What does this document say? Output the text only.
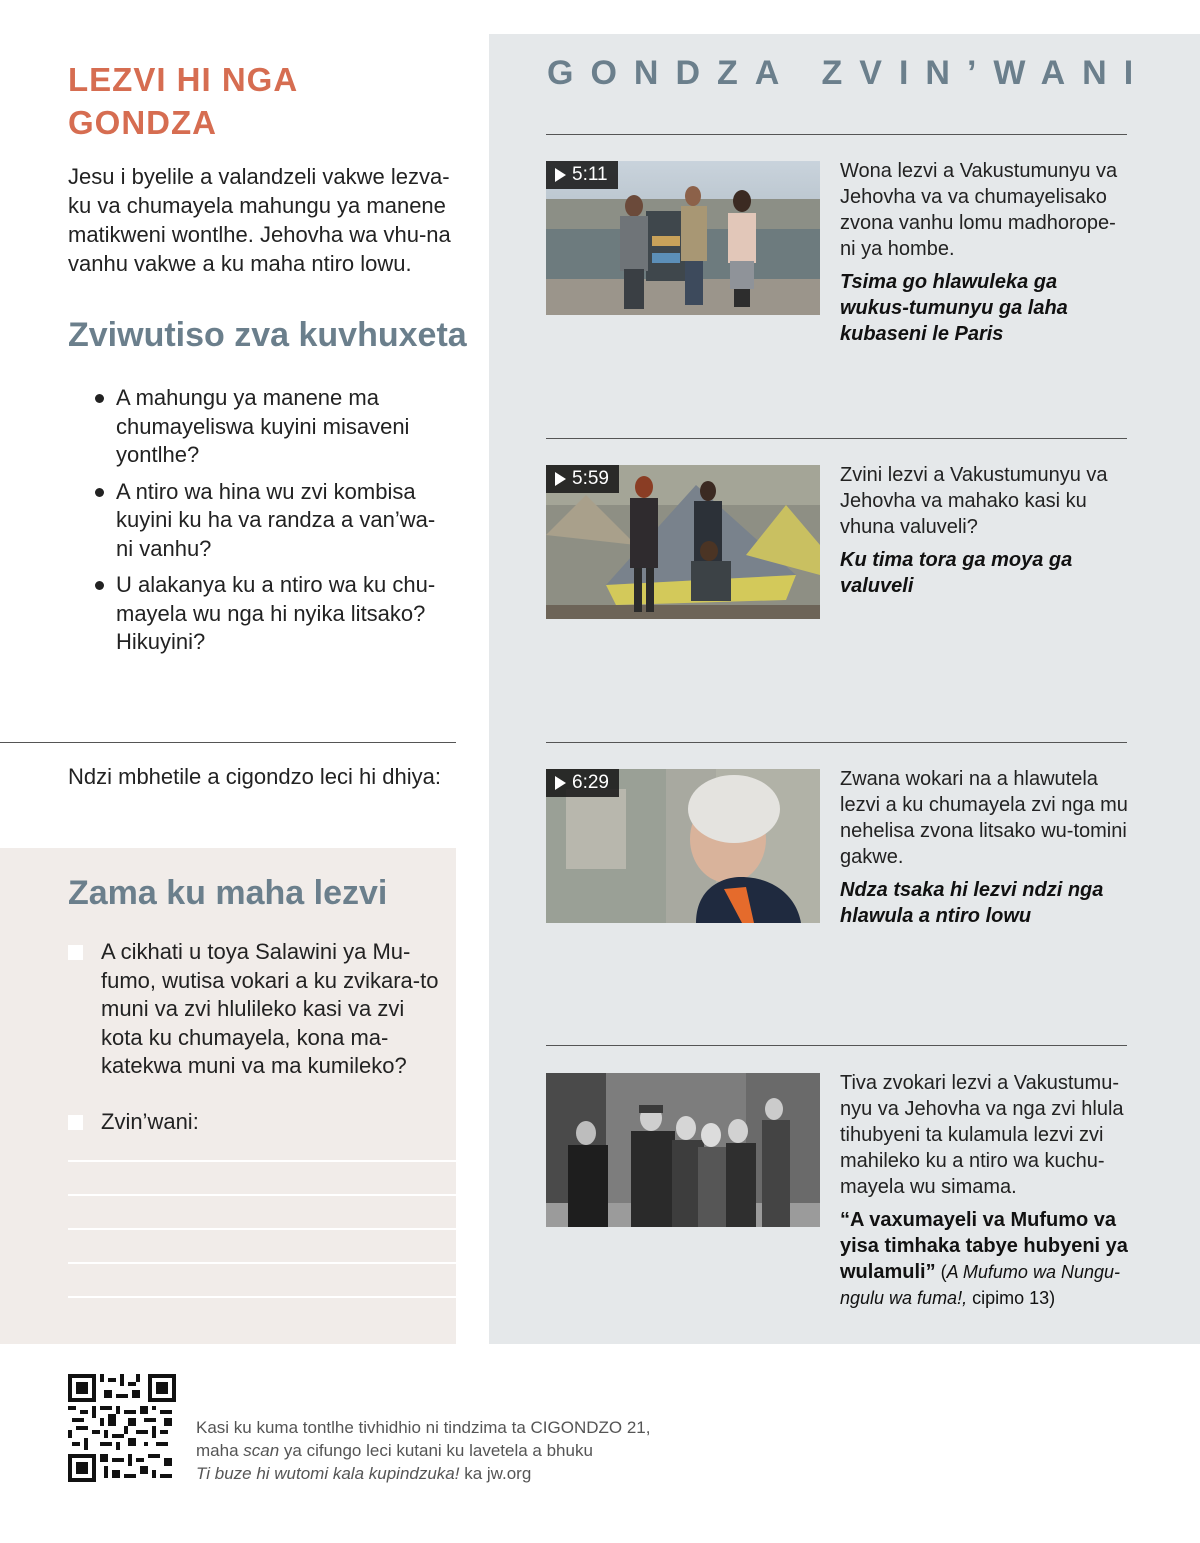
LEZVI HI NGA GONDZA

Jesu i byelile a valandzeli vakwe lezva-ku va chumayela mahungu ya manene matikweni wontlhe. Jehovha wa vhu-na vanhu vakwe a ku maha ntiro lowu.

Zviwutiso zva kuvhuxeta
A mahungu ya manene ma chumayeliswa kuyini misaveni yontlhe?
A ntiro wa hina wu zvi kombisa kuyini ku ha va randza a van’wa-ni vanhu?
U alakanya ku a ntiro wa ku chu-mayela wu nga hi nyika litsako? Hikuyini?
Ndzi mbhetile a cigondzo leci hi dhiya:
Zama ku maha lezvi
A cikhati u toya Salawini ya Mu-fumo, wutisa vokari a ku zvikara-to muni va zvi hlulileko kasi va zvi kota ku chumayela, kona ma-katekwa muni va ma kumileko?
Zvin’wani:
GONDZA ZVIN’WANI
5:11	Wona lezvi a Vakustumunyu va Jehovha va va chumayelisako zvona vanhu lomu madhorope-ni ya hombe.

Tsima go hlawuleka ga wukus-tumunyu ga laha kubaseni le Paris

5:59	Zvini lezvi a Vakustumunyu va Jehovha va mahako kasi ku vhuna valuveli?

Ku tima tora ga moya ga valuveli

6:29	Zwana wokari na a hlawutela lezvi a ku chumayela zvi nga mu nehelisa zvona litsako wu-tomini gakwe.

Ndza tsaka hi lezvi ndzi nga hlawula a ntiro lowu

Tiva zvokari lezvi a Vakustumu-nyu va Jehovha va nga zvi hlula tihubyeni ta kulamula lezvi zvi mahileko ku a ntiro wa kuchu-mayela wu simama.

“A vaxumayeli va Mufumo va yisa timhaka tabye hubyeni ya wulamuli” (A Mufumo wa Nungu-ngulu wa fuma!, cipimo 13)

Kasi ku kuma tontlhe tivhidhio ni tindzima ta CIGONDZO 21,
maha scan ya cifungo leci kutani ku lavetela a bhuku
Ti buze hi wutomi kala kupindzuka! ka jw.org
